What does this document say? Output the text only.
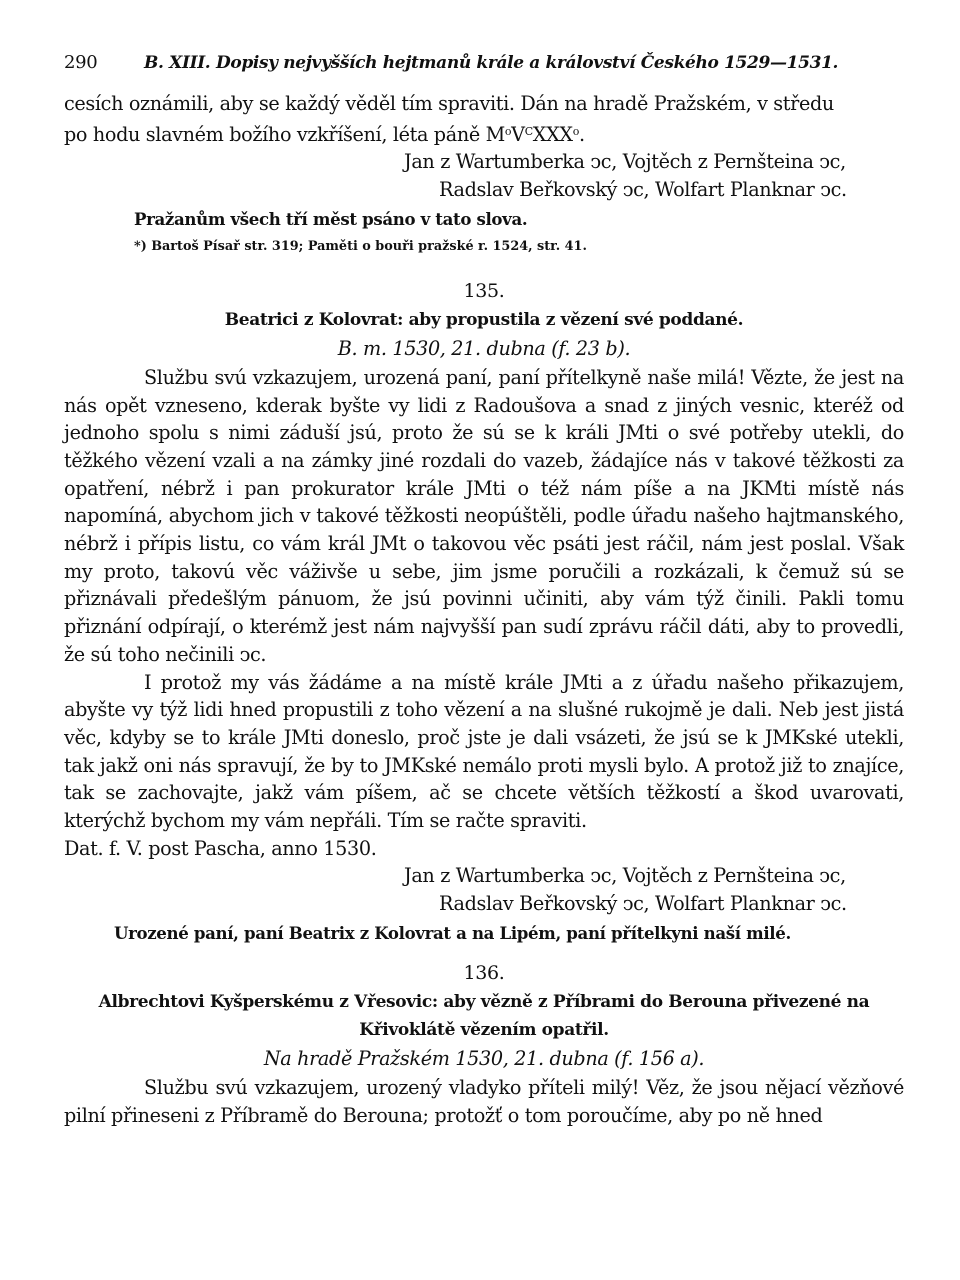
290	B. XIII. Dopisy nejvyšších hejtmanů krále a království Českého 1529—1531.

cesích oznámili, aby se každý věděl tím spraviti. Dán na hradě Pražském, v středu

po hodu slavném božího vzkříšení, léta páně $M^oV^CXXX^o$.

Jan z Wartumberka ↄc, Vojtěch z Pernšteina ↄc,
Radslav Beřkovský ↄc, Wolfart Planknar ↄc.
Pražanům všech tří měst psáno v tato slova.
*) Bartoš Písař str. 319; Paměti o bouři pražské r. 1524, str. 41.
135.
Beatrici z Kolovrat: aby propustila z vězení své poddané.
B. m. 1530, 21. dubna (f. 23 b).

Službu svú vzkazujem, urozená paní, paní přítelkyně naše milá! Vězte, že jest na nás opět vzneseno, kderak byšte vy lidi z Radoušova a snad z jiných vesnic, kteréž od jednoho spolu s nimi záduší jsú, proto že sú se k králi JMti o své potřeby utekli, do těžkého vězení vzali a na zámky jiné rozdali do vazeb, žádajíce nás v takové těžkosti za opatření, nébrž i pan prokurator krále JMti o též nám píše a na JKMti místě nás napomíná, abychom jich v takové těžkosti neopúštěli, podle úřadu našeho hajtmanského, nébrž i přípis listu, co vám král JMt o takovou věc psáti jest ráčil, nám jest poslal. Však my proto, takovú věc váživše u sebe, jim jsme poručili a rozkázali, k čemuž sú se přiznávali předešlým pánuom, že jsú povinni učiniti, aby vám týž činili. Pakli tomu přiznání odpírají, o kterémž jest nám najvyšší pan sudí zprávu ráčil dáti, aby to provedli, že sú toho nečinili ↄc.

I protož my vás žádáme a na místě krále JMti a z úřadu našeho přikazujem, abyšte vy týž lidi hned propustili z toho vězení a na slušné rukojmě je dali. Neb jest jistá věc, kdyby se to krále JMti doneslo, proč jste je dali vsázeti, že jsú se k JMKské utekli, tak jakž oni nás spravují, že by to JMKské nemálo proti mysli bylo. A protož již to znajíce, tak se zachovajte, jakž vám píšem, ač se chcete větších těžkostí a škod uvarovati, kterýchž bychom my vám nepřáli. Tím se račte spraviti.

Dat. f. V. post Pascha, anno 1530.

Jan z Wartumberka ↄc, Vojtěch z Pernšteina ↄc,
Radslav Beřkovský ↄc, Wolfart Planknar ↄc.
Urozené paní, paní Beatrix z Kolovrat a na Lipém, paní přítelkyni naší milé.
136.
Albrechtovi Kyšperskému z Vřesovic: aby vězně z Příbrami do Berouna přivezené na Křivoklátě vězením opatřil.
Na hradě Pražském 1530, 21. dubna (f. 156 a).

Službu svú vzkazujem, urozený vladyko příteli milý! Věz, že jsou nějací vězňové pilní přineseni z Příbramě do Berouna; protožť o tom poroučíme, aby po ně hned
